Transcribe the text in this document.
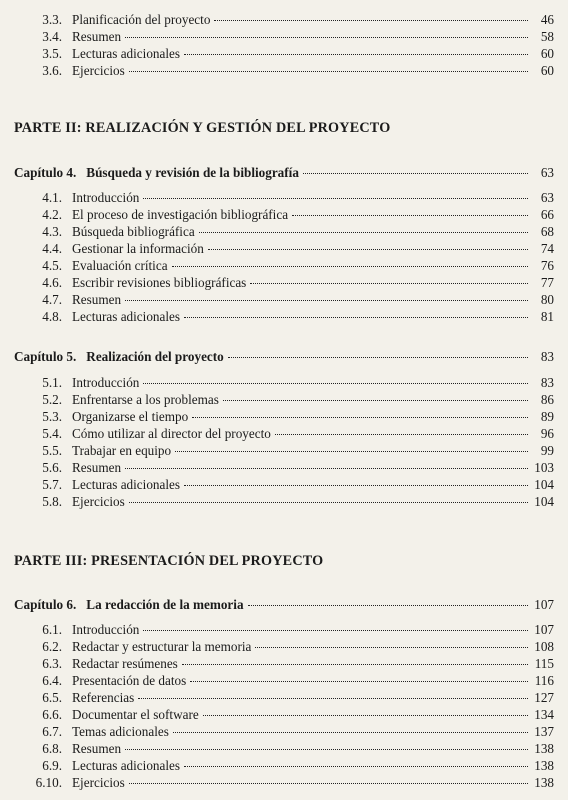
3.3. Planificación del proyecto	46
3.4. Resumen	58
3.5. Lecturas adicionales	60
3.6. Ejercicios	60
PARTE II: REALIZACIÓN Y GESTIÓN DEL PROYECTO
Capítulo 4. Búsqueda y revisión de la bibliografía	63
4.1. Introducción	63
4.2. El proceso de investigación bibliográfica	66
4.3. Búsqueda bibliográfica	68
4.4. Gestionar la información	74
4.5. Evaluación crítica	76
4.6. Escribir revisiones bibliográficas	77
4.7. Resumen	80
4.8. Lecturas adicionales	81
Capítulo 5. Realización del proyecto	83
5.1. Introducción	83
5.2. Enfrentarse a los problemas	86
5.3. Organizarse el tiempo	89
5.4. Cómo utilizar al director del proyecto	96
5.5. Trabajar en equipo	99
5.6. Resumen	103
5.7. Lecturas adicionales	104
5.8. Ejercicios	104
PARTE III: PRESENTACIÓN DEL PROYECTO
Capítulo 6. La redacción de la memoria	107
6.1. Introducción	107
6.2. Redactar y estructurar la memoria	108
6.3. Redactar resúmenes	115
6.4. Presentación de datos	116
6.5. Referencias	127
6.6. Documentar el software	134
6.7. Temas adicionales	137
6.8. Resumen	138
6.9. Lecturas adicionales	138
6.10. Ejercicios	138
